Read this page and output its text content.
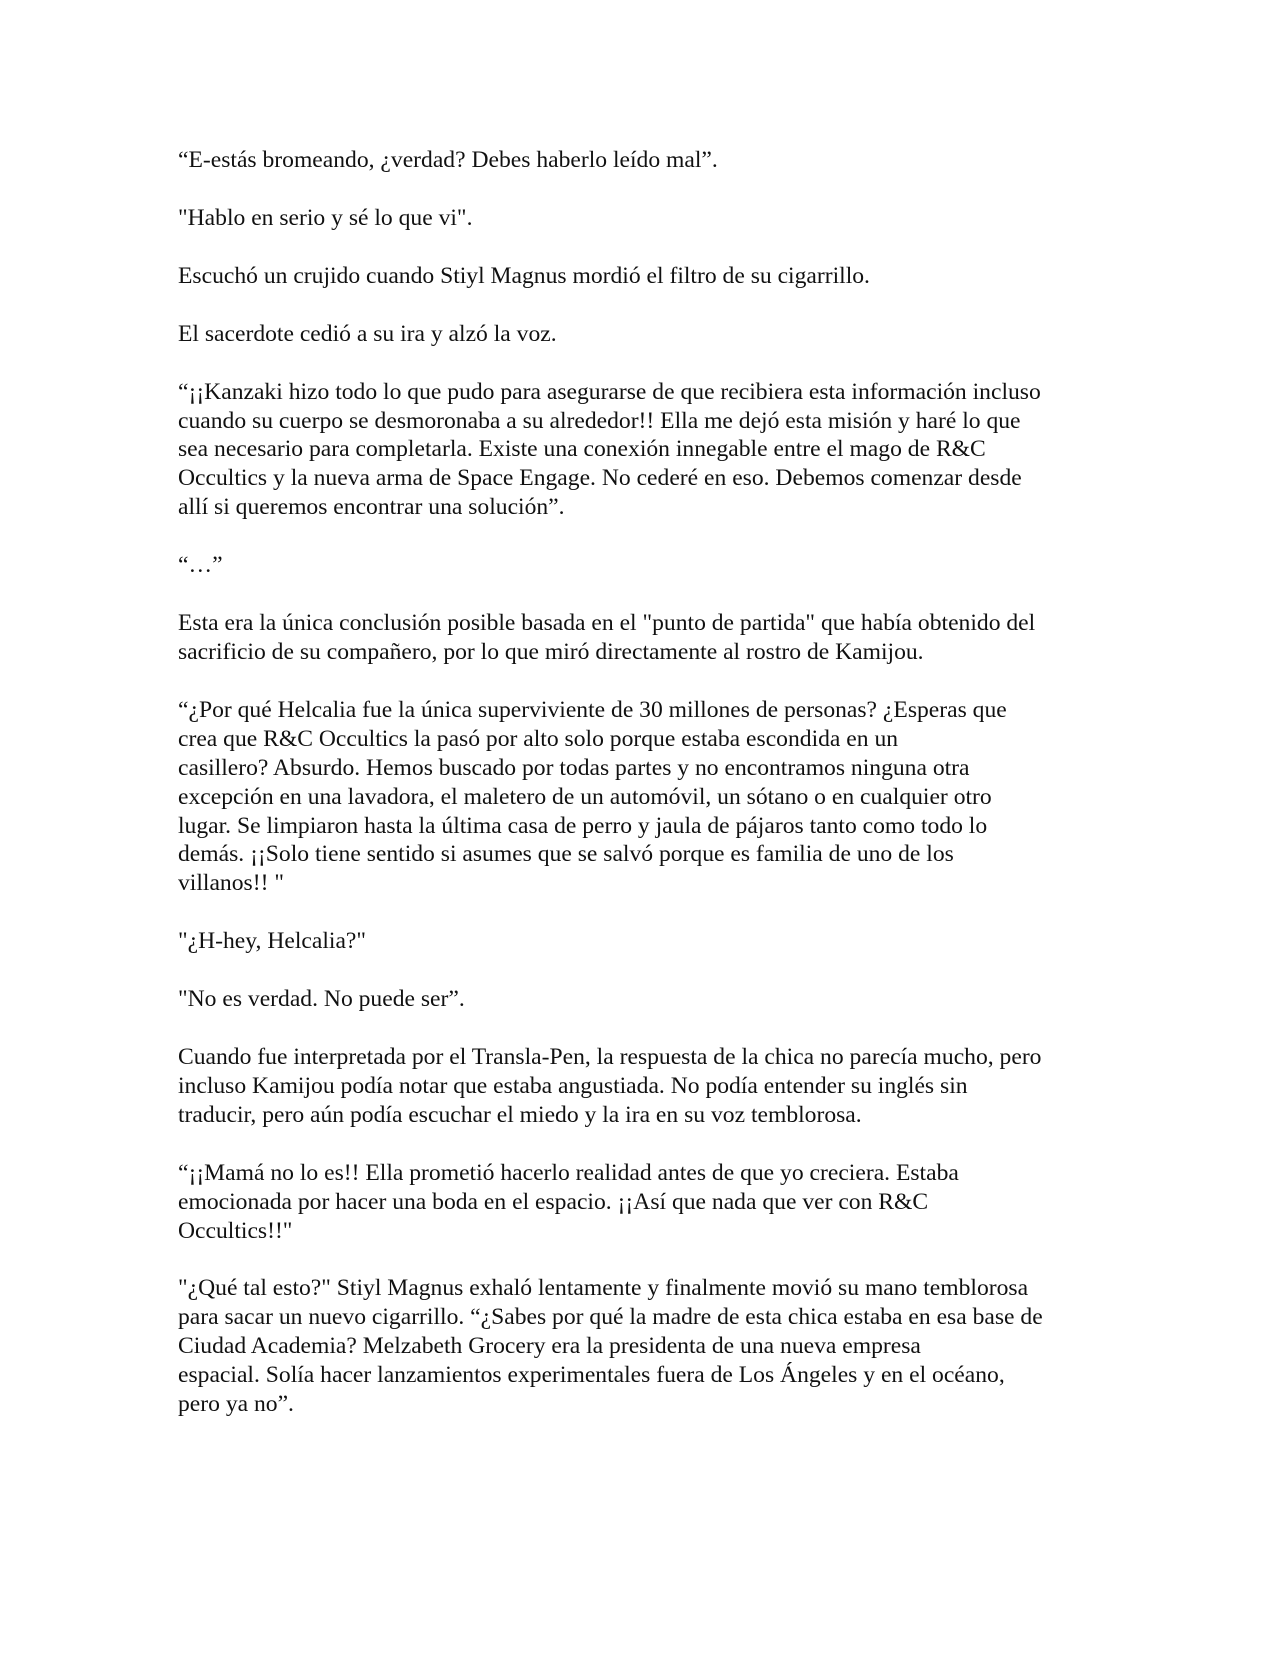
“E-estás bromeando, ¿verdad? Debes haberlo leído mal”.

"Hablo en serio y sé lo que vi".

Escuchó un crujido cuando Stiyl Magnus mordió el filtro de su cigarrillo.

El sacerdote cedió a su ira y alzó la voz.

“¡¡Kanzaki hizo todo lo que pudo para asegurarse de que recibiera esta información incluso
cuando su cuerpo se desmoronaba a su alrededor!! Ella me dejó esta misión y haré lo que
sea necesario para completarla. Existe una conexión innegable entre el mago de R&C
Occultics y la nueva arma de Space Engage. No cederé en eso. Debemos comenzar desde
allí si queremos encontrar una solución”.

“…”

Esta era la única conclusión posible basada en el "punto de partida" que había obtenido del
sacrificio de su compañero, por lo que miró directamente al rostro de Kamijou.

“¿Por qué Helcalia fue la única superviviente de 30 millones de personas? ¿Esperas que
crea que R&C Occultics la pasó por alto solo porque estaba escondida en un
casillero? Absurdo. Hemos buscado por todas partes y no encontramos ninguna otra
excepción en una lavadora, el maletero de un automóvil, un sótano o en cualquier otro
lugar. Se limpiaron hasta la última casa de perro y jaula de pájaros tanto como todo lo
demás. ¡¡Solo tiene sentido si asumes que se salvó porque es familia de uno de los
villanos!! "

"¿H-hey, Helcalia?"

"No es verdad. No puede ser”.

Cuando fue interpretada por el Transla-Pen, la respuesta de la chica no parecía mucho, pero
incluso Kamijou podía notar que estaba angustiada. No podía entender su inglés sin
traducir, pero aún podía escuchar el miedo y la ira en su voz temblorosa.

“¡¡Mamá no lo es!! Ella prometió hacerlo realidad antes de que yo creciera. Estaba
emocionada por hacer una boda en el espacio. ¡¡Así que nada que ver con R&C
Occultics!!"

"¿Qué tal esto?" Stiyl Magnus exhaló lentamente y finalmente movió su mano temblorosa
para sacar un nuevo cigarrillo. “¿Sabes por qué la madre de esta chica estaba en esa base de
Ciudad Academia? Melzabeth Grocery era la presidenta de una nueva empresa
espacial. Solía hacer lanzamientos experimentales fuera de Los Ángeles y en el océano,
pero ya no”.
